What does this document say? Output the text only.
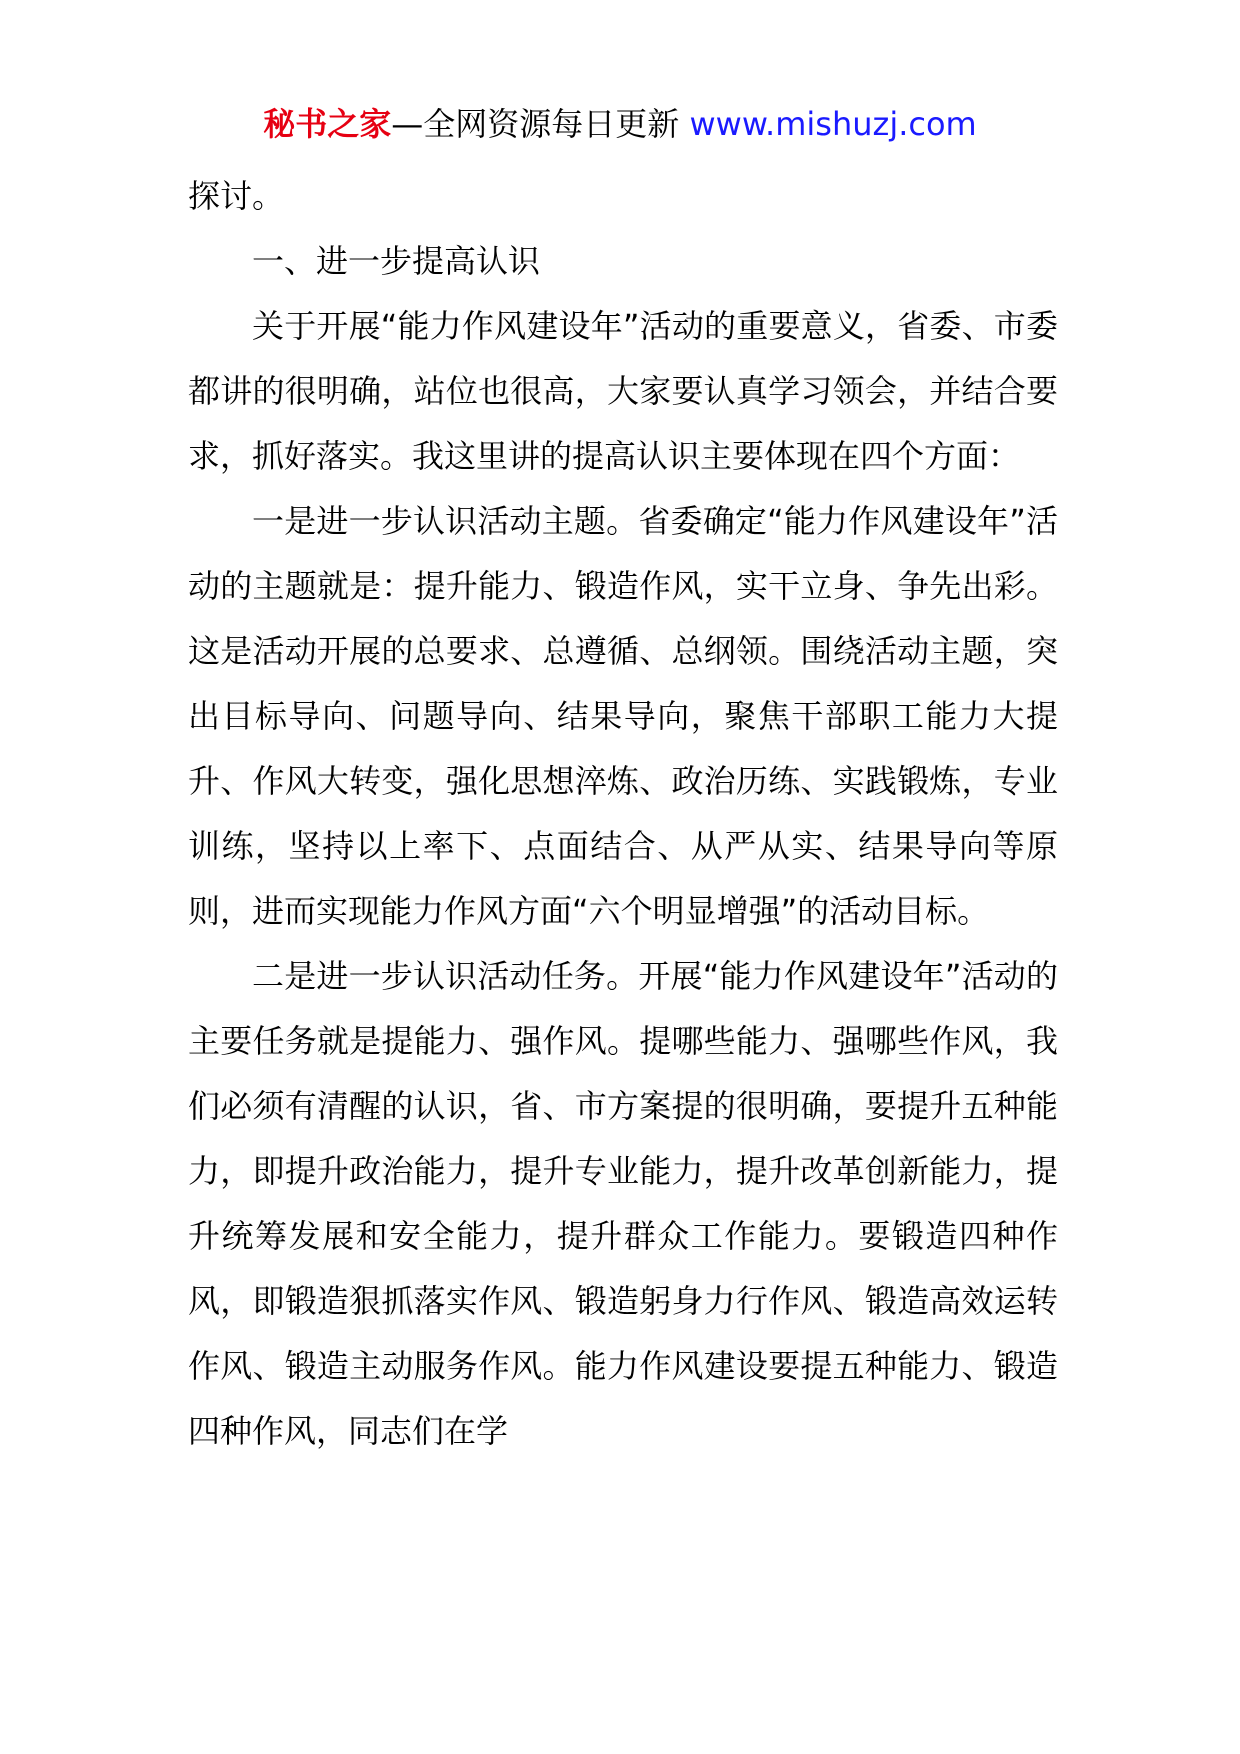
秘书之家—全网资源每日更新 www.mishuzj.com

探讨。

一、进一步提高认识

关于开展“能力作风建设年”活动的重要意义，省委、市委都讲的很明确，站位也很高，大家要认真学习领会，并结合要求，抓好落实。我这里讲的提高认识主要体现在四个方面：

一是进一步认识活动主题。省委确定“能力作风建设年”活动的主题就是：提升能力、锻造作风，实干立身、争先出彩。这是活动开展的总要求、总遵循、总纲领。围绕活动主题，突出目标导向、问题导向、结果导向，聚焦干部职工能力大提升、作风大转变，强化思想淬炼、政治历练、实践锻炼，专业训练，坚持以上率下、点面结合、从严从实、结果导向等原则，进而实现能力作风方面“六个明显增强”的活动目标。

二是进一步认识活动任务。开展“能力作风建设年”活动的主要任务就是提能力、强作风。提哪些能力、强哪些作风，我们必须有清醒的认识，省、市方案提的很明确，要提升五种能力，即提升政治能力，提升专业能力，提升改革创新能力，提升统筹发展和安全能力，提升群众工作能力。要锻造四种作风，即锻造狠抓落实作风、锻造躬身力行作风、锻造高效运转作风、锻造主动服务作风。能力作风建设要提五种能力、锻造四种作风，同志们在学
